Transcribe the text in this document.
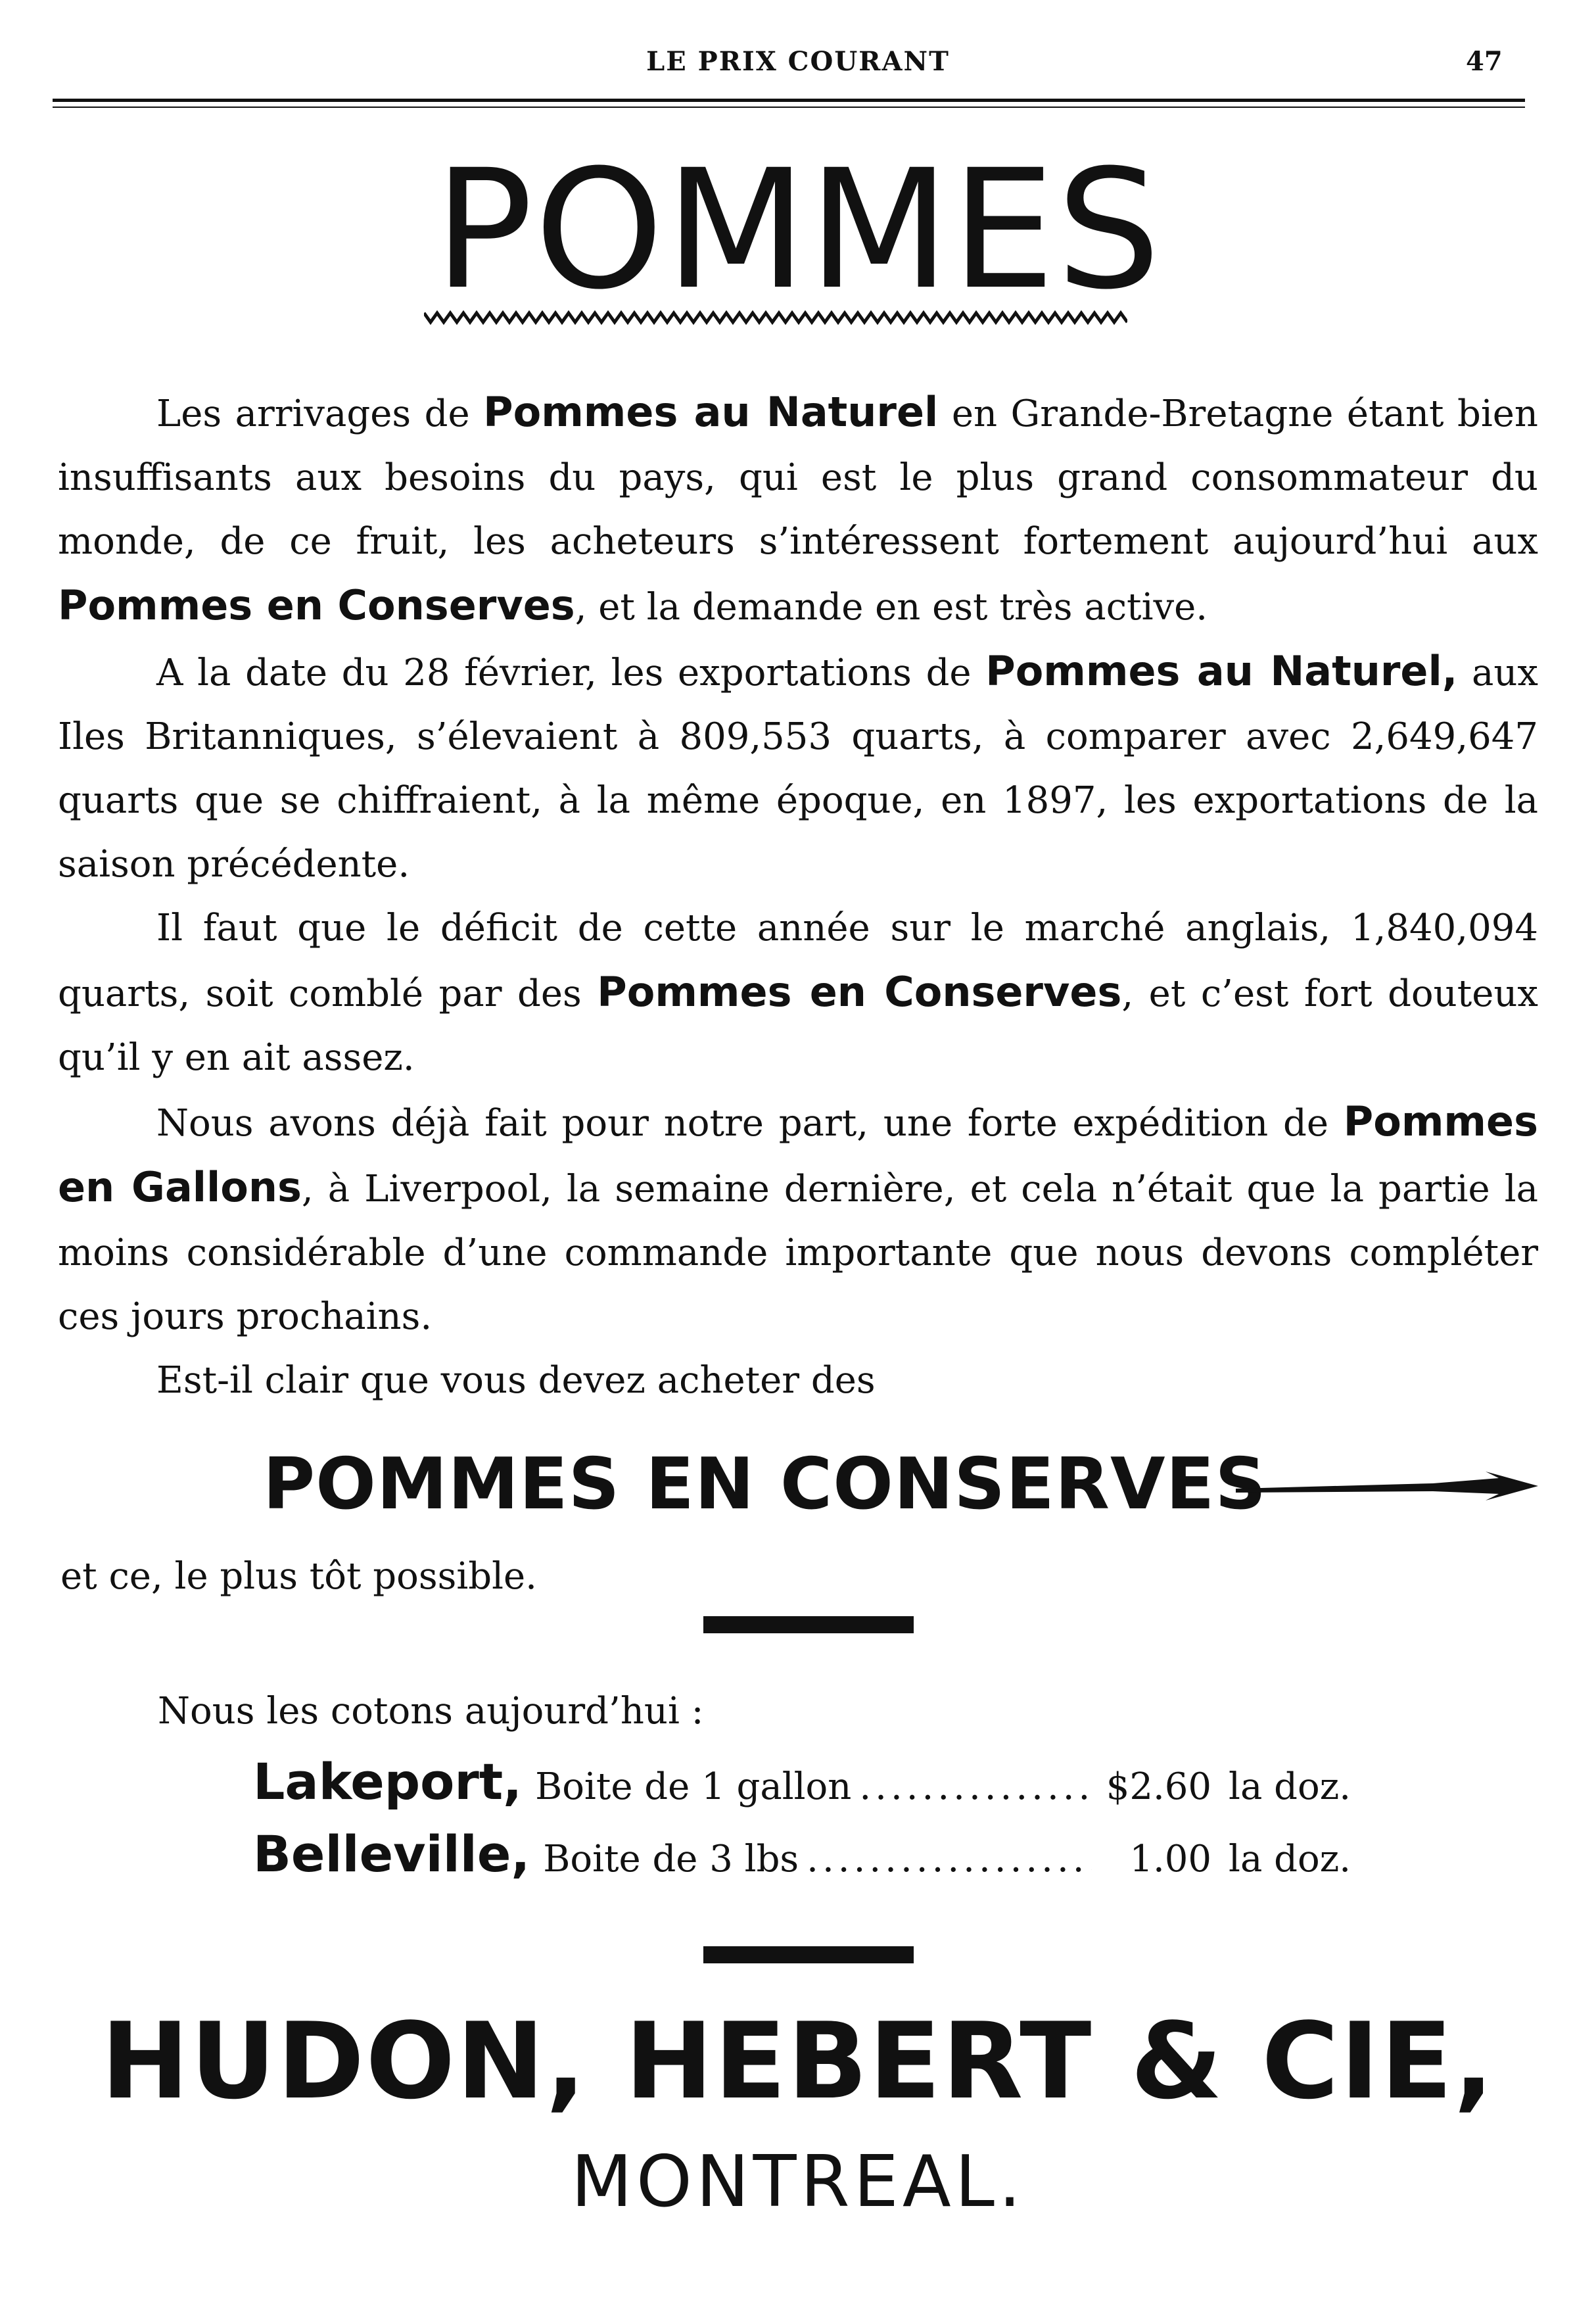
LE PRIX COURANT	47
POMMES

Les arrivages de Pommes au Naturel en Grande-Bretagne étant bien insuffisants aux besoins du pays, qui est le plus grand consommateur du monde, de ce fruit, les acheteurs s’intéressent fortement aujourd’hui aux Pommes en Conserves, et la demande en est très active.

A la date du 28 février, les exportations de Pommes au Naturel, aux Iles Britanniques, s’élevaient à 809,553 quarts, à comparer avec 2,649,647 quarts que se chiffraient, à la même époque, en 1897, les exportations de la saison précédente.

Il faut que le déficit de cette année sur le marché anglais, 1,840,094 quarts, soit comblé par des Pommes en Conserves, et c’est fort douteux qu’il y en ait assez.

Nous avons déjà fait pour notre part, une forte expédition de Pommes en Gallons, à Liverpool, la semaine dernière, et cela n’était que la partie la moins considérable d’une commande importante que nous devons compléter ces jours prochains.

Est-il clair que vous devez acheter des

POMMES EN CONSERVES
et ce, le plus tôt possible.
Nous les cotons aujourd’hui :
Lakeport, Boite de 1 gallon .....	$2.60 la doz.
Belleville, Boite de 3 lbs .....	1.00 la doz.
HUDON, HEBERT & CIE,
MONTREAL.
